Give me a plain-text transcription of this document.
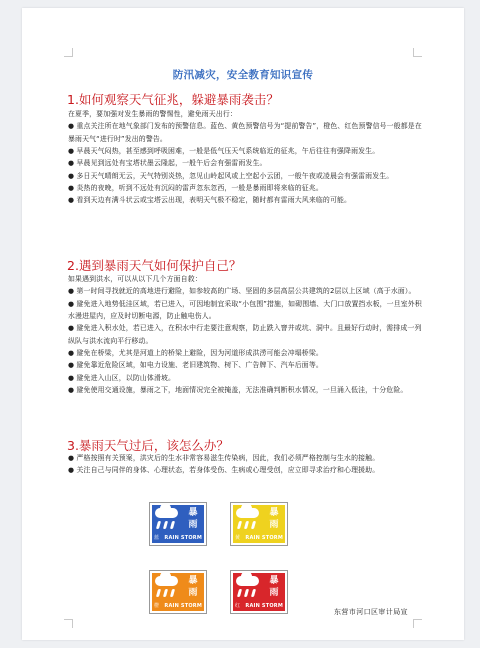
防汛减灾，安全教育知识宣传
1.如何观察天气征兆，躲避暴雨袭击？

在夏季，要加强对发生暴雨的警惕性，避免雨天出行：

● 重点关注所在地气象部门发布的预警信息。蓝色、黄色预警信号为“提前警告”，橙色、红色预警信号一般都是在暴雨天气“进行时”发出的警告。

● 早晨天气闷热，甚至感到呼吸困难，一般是低气压天气系统临近的征兆，午后往往有强降雨发生。

● 早晨见到远处有宝塔状墨云隆起，一般午后会有强雷雨发生。

● 多日天气晴朗无云，天气特别炎热，忽见山岭起风或上空起小云团，一般午夜或凌晨会有强雷雨发生。

● 炎热的夜晚，听到不远处有沉闷的雷声忽东忽西，一般是暴雨即将来临的征兆。

● 看到天边有满斗状云或宝塔云出现，表明天气极不稳定，随时都有雷雨大风来临的可能。

2.遇到暴雨天气如何保护自己？

如果遇到洪水，可以从以下几个方面自救：

● 第一时间寻找就近的高地进行避险，如参较高的广场、坚固的多层高层公共建筑的2层以上区域（高于水面）。

● 避免进入地势低洼区域，若已进入，可因地制宜采取“小包围”措施，如砌围墙、大门口放置挡水板，一旦室外积水漫进屋内，应及时切断电源，防止触电伤人。

● 避免进入积水处，若已进入，在积水中行走要注意观察，防止跌入窨井或坑、洞中。且最好行动时，需排成一列纵队与洪水流向平行移动。

● 避免在桥梁，尤其是河道上的桥梁上避险，因为河道形成洪涝可能会冲塌桥梁。

● 避免靠近危险区域，如电力设施、老旧建筑物、树下、广告牌下、汽车后面等。

● 避免进入山区，以防山体滑坡。

● 避免使用交通设施，暴雨之下，地面情况完全被掩盖，无法准确判断积水情况，一旦涌入低洼，十分危险。

3.暴雨天气过后，该怎么办？

● 严格按照有关预案，洪灾后的生水非常容易滋生传染病，因此，我们必须严格控制与生水的接触。

● 关注自己与同伴的身体、心理状态，若身体受伤、生病或心理受创，应立即寻求治疗和心理援助。

暴
雨
蓝 RAIN STORM
暴
雨
黄 RAIN STORM
暴
雨
橙 RAIN STORM
暴
雨
红 RAIN STORM
东营市河口区审计局宣
